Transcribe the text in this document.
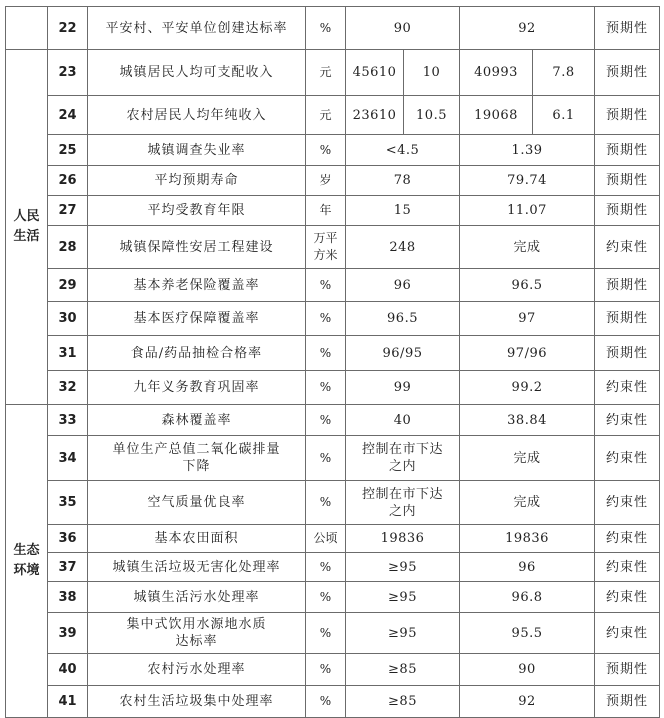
	22	平安村、平安单位创建达标率	%	90		92		预期性
人民
生活	23	城镇居民人均可支配收入	元	45610	10	40993	7.8	预期性
	24	农村居民人均年纯收入	元	23610	10.5	19068	6.1	预期性
	25	城镇调查失业率	%	<4.5		1.39		预期性
	26	平均预期寿命	岁	78		79.74		预期性
	27	平均受教育年限	年	15		11.07		预期性
	28	城镇保障性安居工程建设	万平
方米	248		完成		约束性
	29	基本养老保险覆盖率	%	96		96.5		预期性
	30	基本医疗保障覆盖率	%	96.5		97		预期性
	31	食品/药品抽检合格率	%	96/95		97/96		预期性
	32	九年义务教育巩固率	%	99		99.2		约束性
生态
环境	33	森林覆盖率	%	40		38.84		约束性
	34	单位生产总值二氧化碳排量
下降	%	控制在市下达
之内		完成		约束性
	35	空气质量优良率	%	控制在市下达
之内		完成		约束性
	36	基本农田面积	公顷	19836		19836		约束性
	37	城镇生活垃圾无害化处理率	%	≥95		96		约束性
	38	城镇生活污水处理率	%	≥95		96.8		约束性
	39	集中式饮用水源地水质
达标率	%	≥95		95.5		约束性
	40	农村污水处理率	%	≥85		90		预期性
	41	农村生活垃圾集中处理率	%	≥85		92		预期性
